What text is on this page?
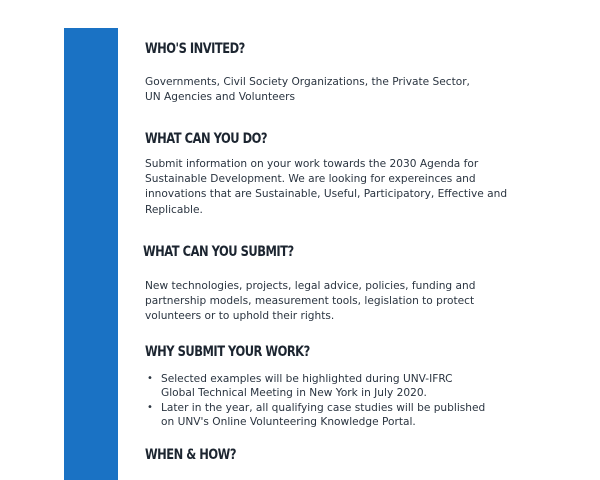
WHO'S INVITED?

Governments, Civil Society Organizations, the Private Sector,
UN Agencies and Volunteers

WHAT CAN YOU DO?

Submit information on your work towards the 2030 Agenda for
Sustainable Development. We are looking for expereinces and
innovations that are Sustainable, Useful, Participatory, Effective and
Replicable.

WHAT CAN YOU SUBMIT?

New technologies, projects, legal advice, policies, funding and
partnership models, measurement tools, legislation to protect
volunteers or to uphold their rights.

WHY SUBMIT YOUR WORK?
• Selected examples will be highlighted during UNV-IFRC
Global Technical Meeting in New York in July 2020.
• Later in the year, all qualifying case studies will be published
on UNV's Online Volunteering Knowledge Portal.
WHEN & HOW?
